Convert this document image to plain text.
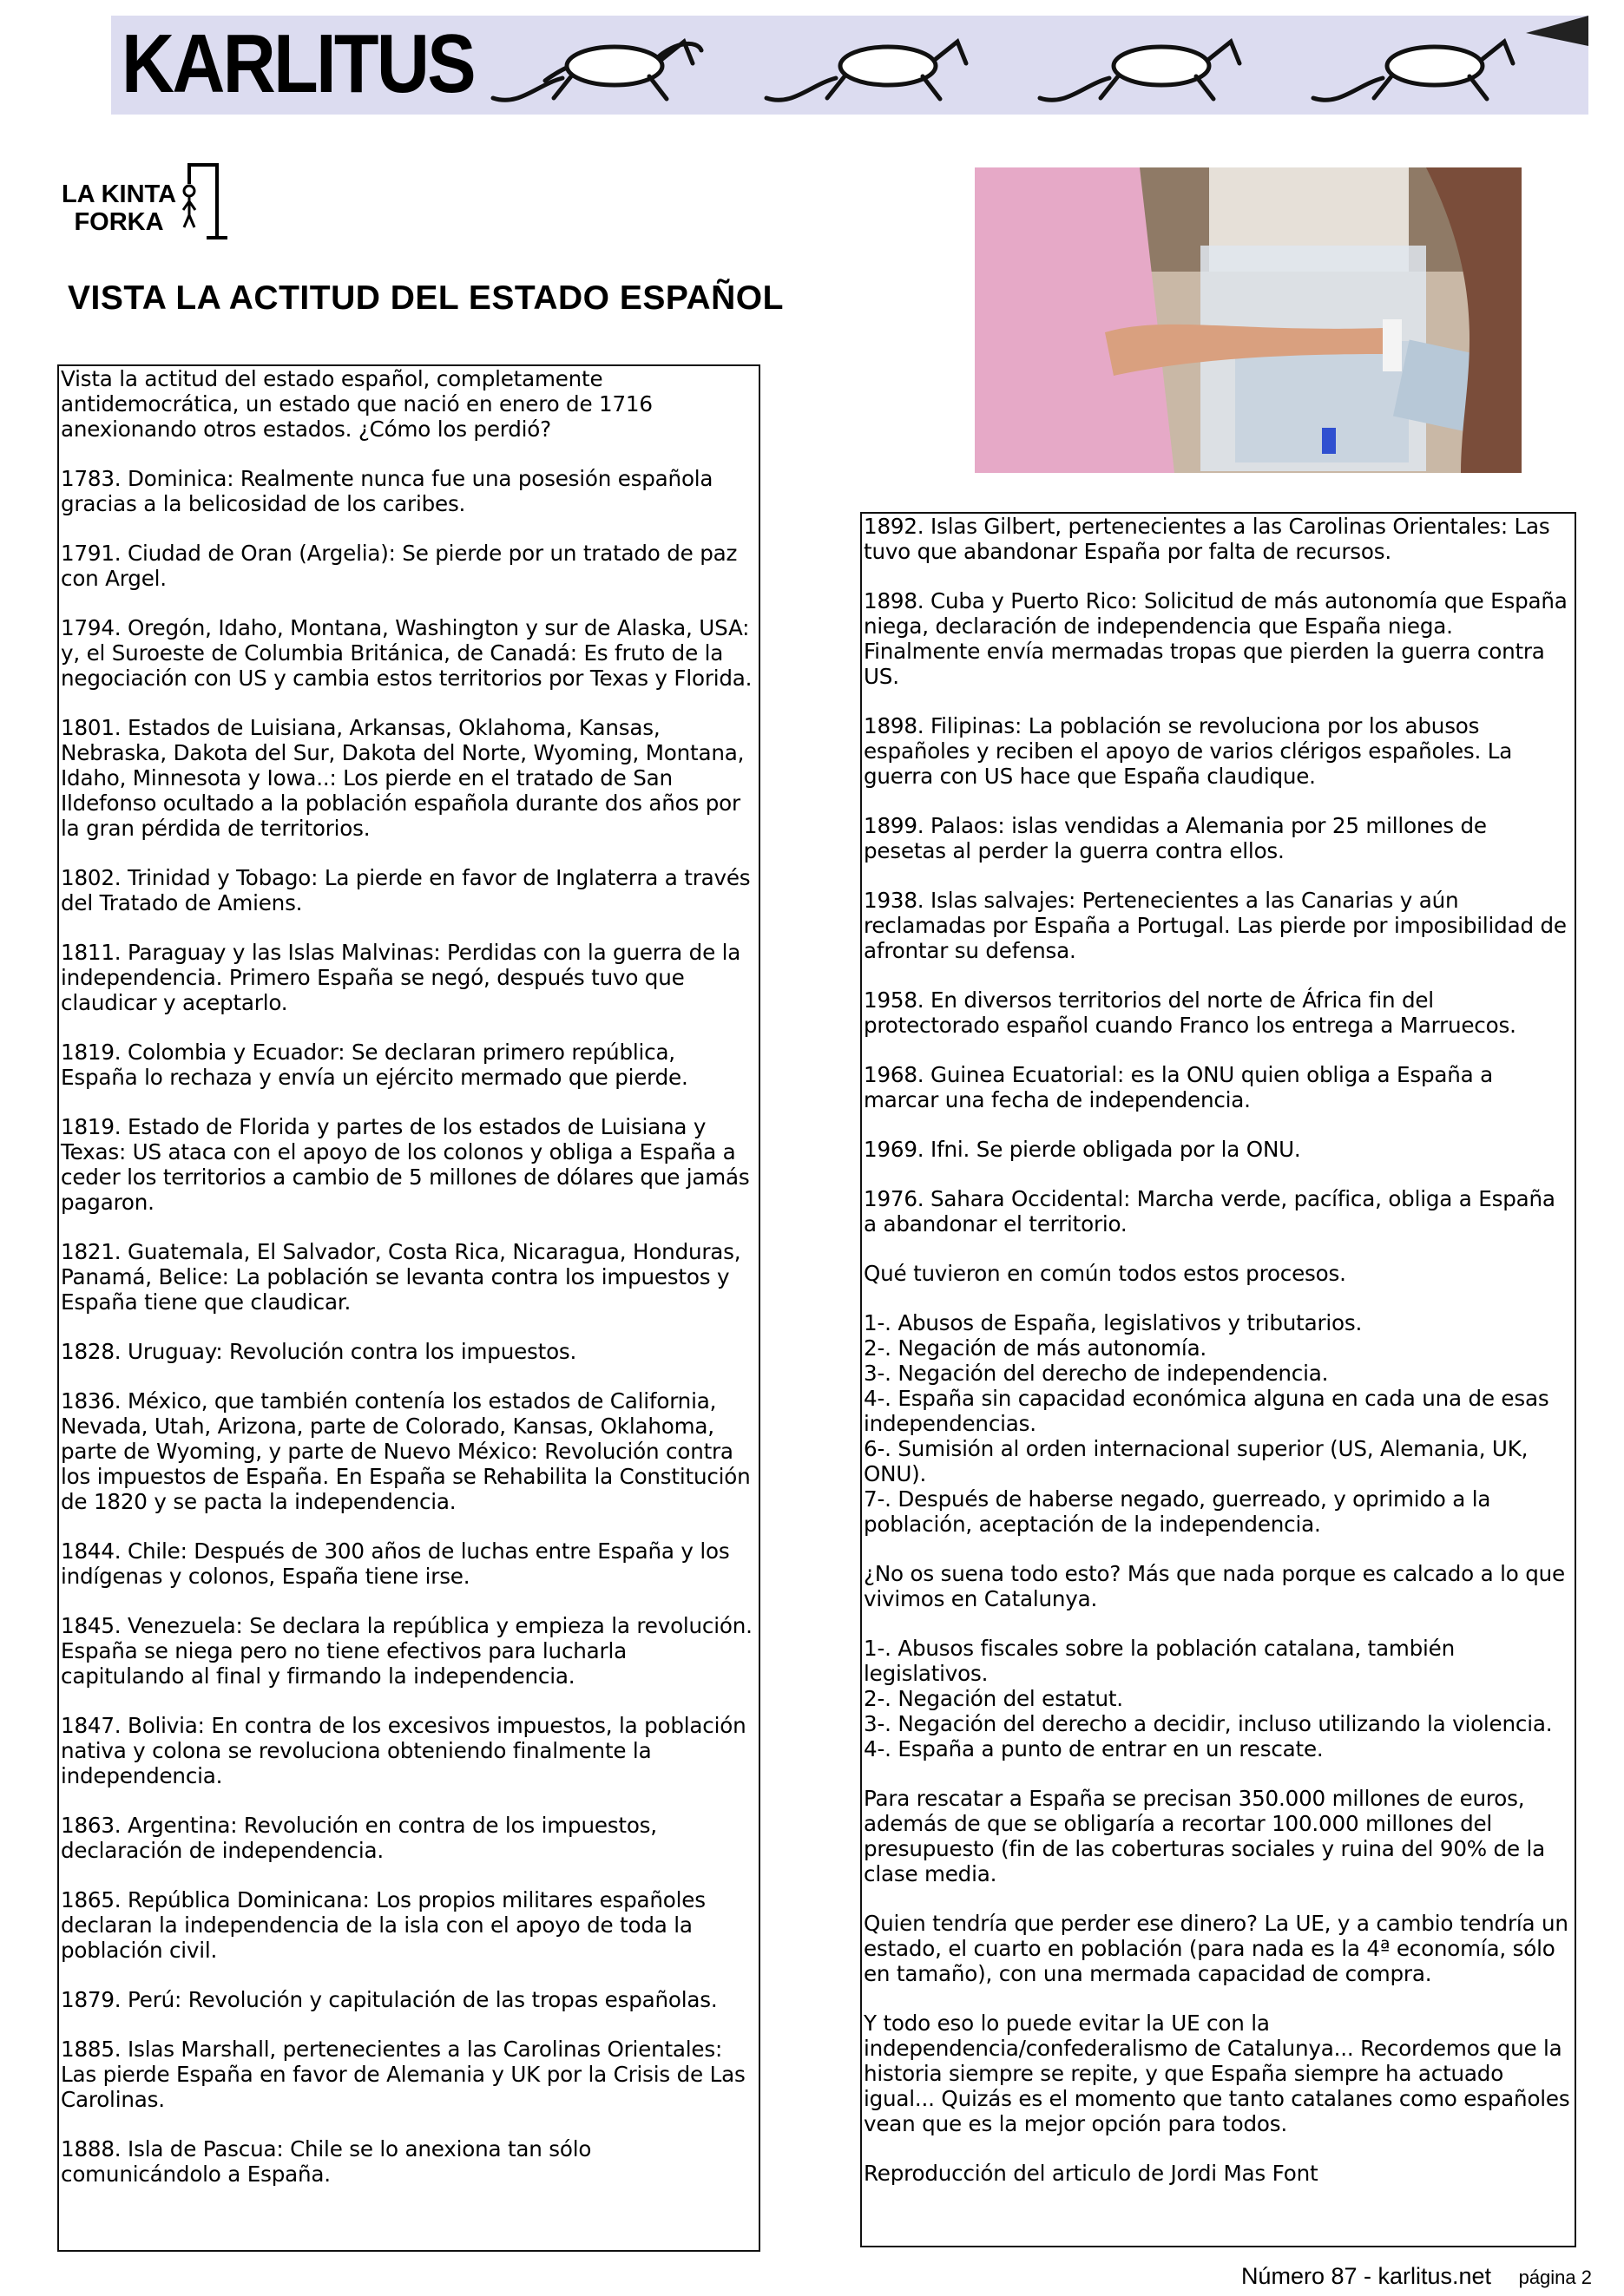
KARLITUS
LA KINTA
FORKA
VISTA LA ACTITUD DEL ESTADO ESPAÑOL
Vista la actitud del estado español, completamente antidemocrática, un estado que nació en enero de 1716 anexionando otros estados. ¿Cómo los perdió?
1783. Dominica: Realmente nunca fue una posesión española gracias a la belicosidad de los caribes.
1791. Ciudad de Oran (Argelia): Se pierde por un tratado de paz con Argel.
1794. Oregón, Idaho, Montana, Washington y sur de Alaska, USA: y, el Suroeste de Columbia Británica, de Canadá: Es fruto de la negociación con US y cambia estos territorios por Texas y Florida.
1801. Estados de Luisiana, Arkansas, Oklahoma, Kansas, Nebraska, Dakota del Sur, Dakota del Norte, Wyoming, Montana, Idaho, Minnesota y Iowa..: Los pierde en el tratado de San Ildefonso ocultado a la población española durante dos años por la gran pérdida de territorios.
1802. Trinidad y Tobago: La pierde en favor de Inglaterra a través del Tratado de Amiens.
1811. Paraguay y las Islas Malvinas: Perdidas con la guerra de la independencia. Primero España se negó, después tuvo que claudicar y aceptarlo.
1819. Colombia y Ecuador: Se declaran primero república, España lo rechaza y envía un ejército mermado que pierde.
1819. Estado de Florida y partes de los estados de Luisiana y Texas: US ataca con el apoyo de los colonos y obliga a España a ceder los territorios a cambio de 5 millones de dólares que jamás pagaron.
1821. Guatemala, El Salvador, Costa Rica, Nicaragua, Honduras, Panamá, Belice: La población se levanta contra los impuestos y España tiene que claudicar.
1828. Uruguay: Revolución contra los impuestos.
1836. México, que también contenía los estados de California, Nevada, Utah, Arizona, parte de Colorado, Kansas, Oklahoma, parte de Wyoming, y parte de Nuevo México: Revolución contra los impuestos de España. En España se Rehabilita la Constitución de 1820 y se pacta la independencia.
1844. Chile: Después de 300 años de luchas entre España y los indígenas y colonos, España tiene irse.
1845. Venezuela: Se declara la república y empieza la revolución. España se niega pero no tiene efectivos para lucharla capitulando al final y firmando la independencia.
1847. Bolivia: En contra de los excesivos impuestos, la población nativa y colona se revoluciona obteniendo finalmente la independencia.
1863. Argentina: Revolución en contra de los impuestos, declaración de independencia.
1865. República Dominicana: Los propios militares españoles declaran la independencia de la isla con el apoyo de toda la población civil.
1879. Perú: Revolución y capitulación de las tropas españolas.
1885. Islas Marshall, pertenecientes a las Carolinas Orientales: Las pierde España en favor de Alemania y UK por la Crisis de Las Carolinas.
1888. Isla de Pascua: Chile se lo anexiona tan sólo comunicándolo a España.
1892. Islas Gilbert, pertenecientes a las Carolinas Orientales: Las tuvo que abandonar España por falta de recursos.
1898. Cuba y Puerto Rico: Solicitud de más autonomía que España niega, declaración de independencia que España niega. Finalmente envía mermadas tropas que pierden la guerra contra US.
1898. Filipinas: La población se revoluciona por los abusos españoles y reciben el apoyo de varios clérigos españoles. La guerra con US hace que España claudique.
1899. Palaos: islas vendidas a Alemania por 25 millones de pesetas al perder la guerra contra ellos.
1938. Islas salvajes: Pertenecientes a las Canarias y aún reclamadas por España a Portugal. Las pierde por imposibilidad de afrontar su defensa.
1958. En diversos territorios del norte de África fin del protectorado español cuando Franco los entrega a Marruecos.
1968. Guinea Ecuatorial: es la ONU quien obliga a España a marcar una fecha de independencia.
1969. Ifni. Se pierde obligada por la ONU.
1976. Sahara Occidental: Marcha verde, pacífica, obliga a España a abandonar el territorio.
Qué tuvieron en común todos estos procesos.
1-. Abusos de España, legislativos y tributarios.
2-. Negación de más autonomía.
3-. Negación del derecho de independencia.
4-. España sin capacidad económica alguna en cada una de esas independencias.
6-. Sumisión al orden internacional superior (US, Alemania, UK, ONU).
7-. Después de haberse negado, guerreado, y oprimido a la población, aceptación de la independencia.
¿No os suena todo esto? Más que nada porque es calcado a lo que vivimos en Catalunya.
1-. Abusos fiscales sobre la población catalana, también legislativos.
2-. Negación del estatut.
3-. Negación del derecho a decidir, incluso utilizando la violencia.
4-. España a punto de entrar en un rescate.
Para rescatar a España se precisan 350.000 millones de euros, además de que se obligaría a recortar 100.000 millones del presupuesto (fin de las coberturas sociales y ruina del 90% de la clase media.
Quien tendría que perder ese dinero? La UE, y a cambio tendría un estado, el cuarto en población (para nada es la 4ª economía, sólo en tamaño), con una mermada capacidad de compra.
Y todo eso lo puede evitar la UE con la independencia/confederalismo de Catalunya... Recordemos que la historia siempre se repite, y que España siempre ha actuado igual... Quizás es el momento que tanto catalanes como españoles vean que es la mejor opción para todos.
Reproducción del articulo de Jordi Mas Font
Número 87 - karlitus.net página 2
